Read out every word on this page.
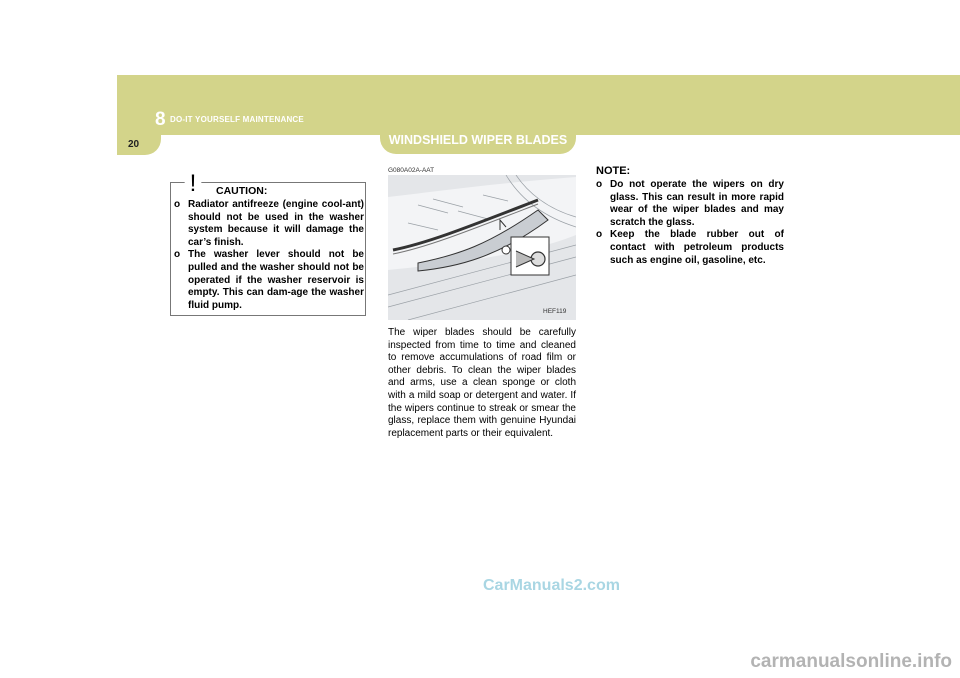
8 DO-IT YOURSELF MAINTENANCE
20	WINDSHIELD WIPER BLADES
! CAUTION:
o Radiator antifreeze (engine cool-ant) should not be used in the washer system because it will damage the car’s finish.
o The washer lever should not be pulled and the washer should not be operated if the washer reservoir is empty. This can dam-age the washer fluid pump.
G080A02A-AAT
HEF119
The wiper blades should be carefully inspected from time to time and cleaned to remove accumulations of road film or other debris. To clean the wiper blades and arms, use a clean sponge or cloth with a mild soap or detergent and water. If the wipers continue to streak or smear the glass, replace them with genuine Hyundai replacement parts or their equivalent.
NOTE:
o Do not operate the wipers on dry glass. This can result in more rapid wear of the wiper blades and may scratch the glass.
o Keep the blade rubber out of contact with petroleum products such as engine oil, gasoline, etc.
CarManuals2.com
carmanualsonline.info
